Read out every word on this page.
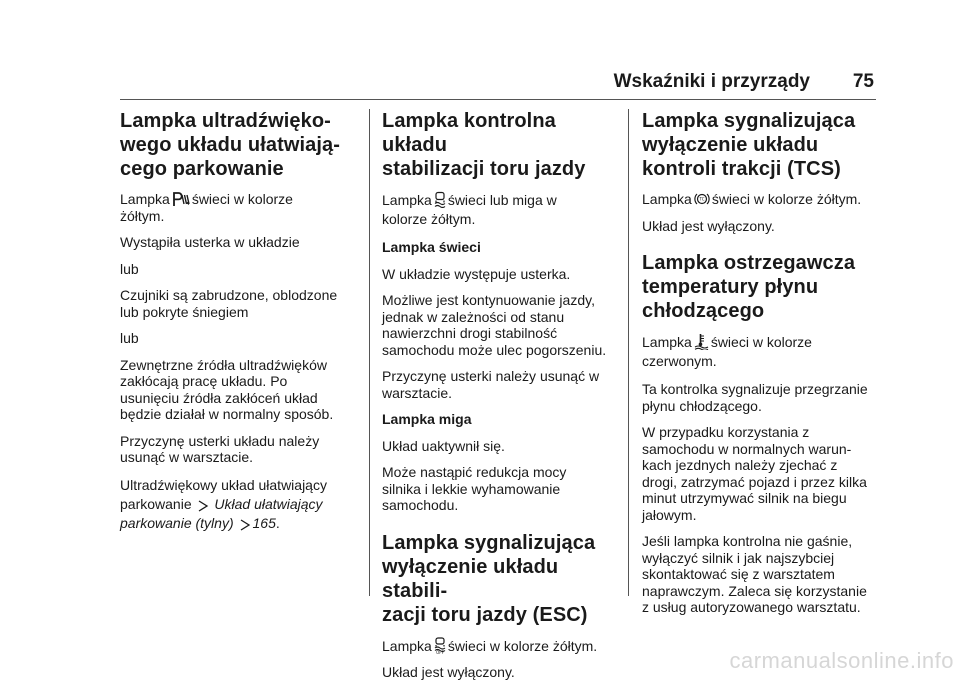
Wskaźniki i przyrządy 75
Lampka ultradźwięko-
wego układu ułatwiają-
cego parkowanie

Lampka świeci w kolorze
żółtym.

Wystąpiła usterka w układzie

lub

Czujniki są zabrudzone, oblodzone
lub pokryte śniegiem

lub

Zewnętrzne źródła ultradźwięków
zakłócają pracę układu. Po
usunięciu źródła zakłóceń układ
będzie działał w normalny sposób.

Przyczynę usterki układu należy
usunąć w warsztacie.

Ultradźwiękowy układ ułatwiający
parkowanie Układ ułatwiający
parkowanie (tylny) 165.

Lampka kontrolna układu
stabilizacji toru jazdy

Lampka świeci lub miga w
kolorze żółtym.

Lampka świeci

W układzie występuje usterka.

Możliwe jest kontynuowanie jazdy,
jednak w zależności od stanu
nawierzchni drogi stabilność
samochodu może ulec pogorszeniu.

Przyczynę usterki należy usunąć w
warsztacie.

Lampka miga

Układ uaktywnił się.

Może nastąpić redukcja mocy
silnika i lekkie wyhamowanie
samochodu.

Lampka sygnalizująca
wyłączenie układu stabili-
zacji toru jazdy (ESC)

Lampka OFF świeci w kolorze żółtym.

Układ jest wyłączony.

Lampka sygnalizująca
wyłączenie układu
kontroli trakcji (TCS)

Lampka TC świeci w kolorze żółtym.

Układ jest wyłączony.

Lampka ostrzegawcza
temperatury płynu
chłodzącego

Lampka świeci w kolorze
czerwonym.

Ta kontrolka sygnalizuje przegrzanie
płynu chłodzącego.

W przypadku korzystania z
samochodu w normalnych warun-
kach jezdnych należy zjechać z
drogi, zatrzymać pojazd i przez kilka
minut utrzymywać silnik na biegu
jałowym.

Jeśli lampka kontrolna nie gaśnie,
wyłączyć silnik i jak najszybciej
skontaktować się z warsztatem
naprawczym. Zaleca się korzystanie
z usług autoryzowanego warsztatu.

carmanualsonline.info
